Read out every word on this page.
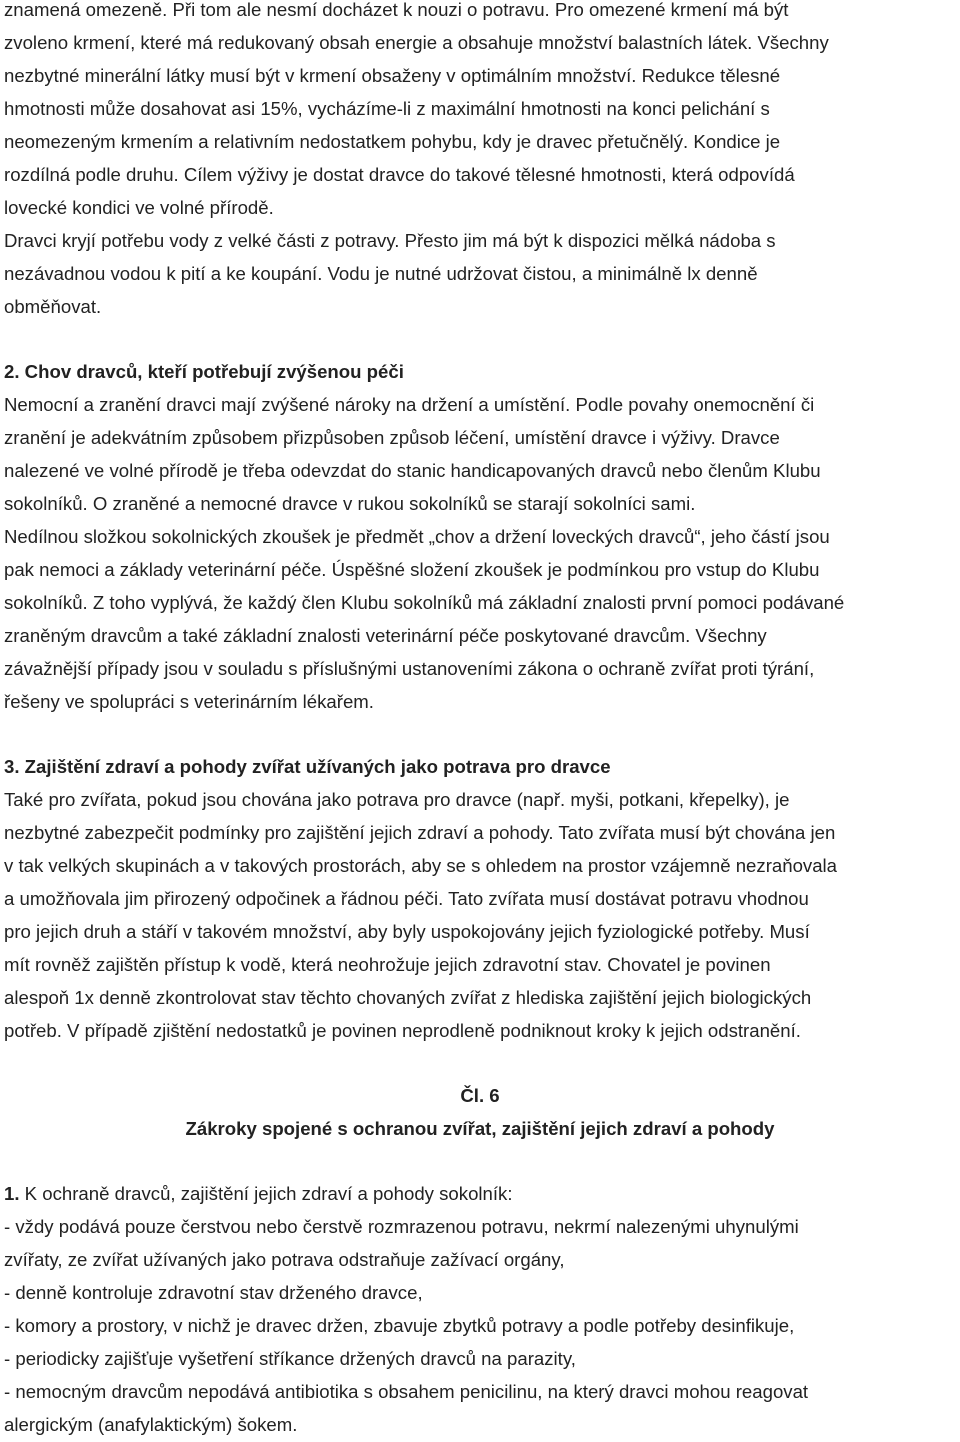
znamená omezeně. Při tom ale nesmí docházet k nouzi o potravu. Pro omezené krmení má být
zvoleno krmení, které má redukovaný obsah energie a obsahuje množství balastních látek. Všechny
nezbytné minerální látky musí být v krmení obsaženy v optimálním množství. Redukce tělesné
hmotnosti může dosahovat asi 15%, vycházíme-li z maximální hmotnosti na konci pelichání s
neomezeným krmením a relativním nedostatkem pohybu, kdy je dravec přetučnělý. Kondice je
rozdílná podle druhu. Cílem výživy je dostat dravce do takové tělesné hmotnosti, která odpovídá
lovecké kondici ve volné přírodě.
Dravci kryjí potřebu vody z velké části z potravy. Přesto jim má být k dispozici mělká nádoba s
nezávadnou vodou k pití a ke koupání. Vodu je nutné udržovat čistou, a minimálně lx denně
obměňovat.
2. Chov dravců, kteří potřebují zvýšenou péči
Nemocní a zranění dravci mají zvýšené nároky na držení a umístění. Podle povahy onemocnění či
zranění je adekvátním způsobem přizpůsoben způsob léčení, umístění dravce i výživy. Dravce
nalezené ve volné přírodě je třeba odevzdat do stanic handicapovaných dravců nebo členům Klubu
sokolníků. O zraněné a nemocné dravce v rukou sokolníků se starají sokolníci sami.
Nedílnou složkou sokolnických zkoušek je předmět „chov a držení loveckých dravců“, jeho částí jsou
pak nemoci a základy veterinární péče. Úspěšné složení zkoušek je podmínkou pro vstup do Klubu
sokolníků. Z toho vyplývá, že každý člen Klubu sokolníků má základní znalosti první pomoci podávané
zraněným dravcům a také základní znalosti veterinární péče poskytované dravcům. Všechny
závažnější případy jsou v souladu s příslušnými ustanoveními zákona o ochraně zvířat proti týrání,
řešeny ve spolupráci s veterinárním lékařem.
3. Zajištění zdraví a pohody zvířat užívaných jako potrava pro dravce
Také pro zvířata, pokud jsou chována jako potrava pro dravce (např. myši, potkani, křepelky), je
nezbytné zabezpečit podmínky pro zajištění jejich zdraví a pohody. Tato zvířata musí být chována jen
v tak velkých skupinách a v takových prostorách, aby se s ohledem na prostor vzájemně nezraňovala
a umožňovala jim přirozený odpočinek a řádnou péči. Tato zvířata musí dostávat potravu vhodnou
pro jejich druh a stáří v takovém množství, aby byly uspokojovány jejich fyziologické potřeby. Musí
mít rovněž zajištěn přístup k vodě, která neohrožuje jejich zdravotní stav. Chovatel je povinen
alespoň 1x denně zkontrolovat stav těchto chovaných zvířat z hlediska zajištění jejich biologických
potřeb. V případě zjištění nedostatků je povinen neprodleně podniknout kroky k jejich odstranění.
Čl. 6
Zákroky spojené s ochranou zvířat, zajištění jejich zdraví a pohody
1. K ochraně dravců, zajištění jejich zdraví a pohody sokolník:
- vždy podává pouze čerstvou nebo čerstvě rozmrazenou potravu, nekrmí nalezenými uhynulými
zvířaty, ze zvířat užívaných jako potrava odstraňuje zažívací orgány,
- denně kontroluje zdravotní stav drženého dravce,
- komory a prostory, v nichž je dravec držen, zbavuje zbytků potravy a podle potřeby desinfikuje,
- periodicky zajišťuje vyšetření stříkance držených dravců na parazity,
- nemocným dravcům nepodává antibiotika s obsahem penicilinu, na který dravci mohou reagovat
alergickým (anafylaktickým) šokem.
